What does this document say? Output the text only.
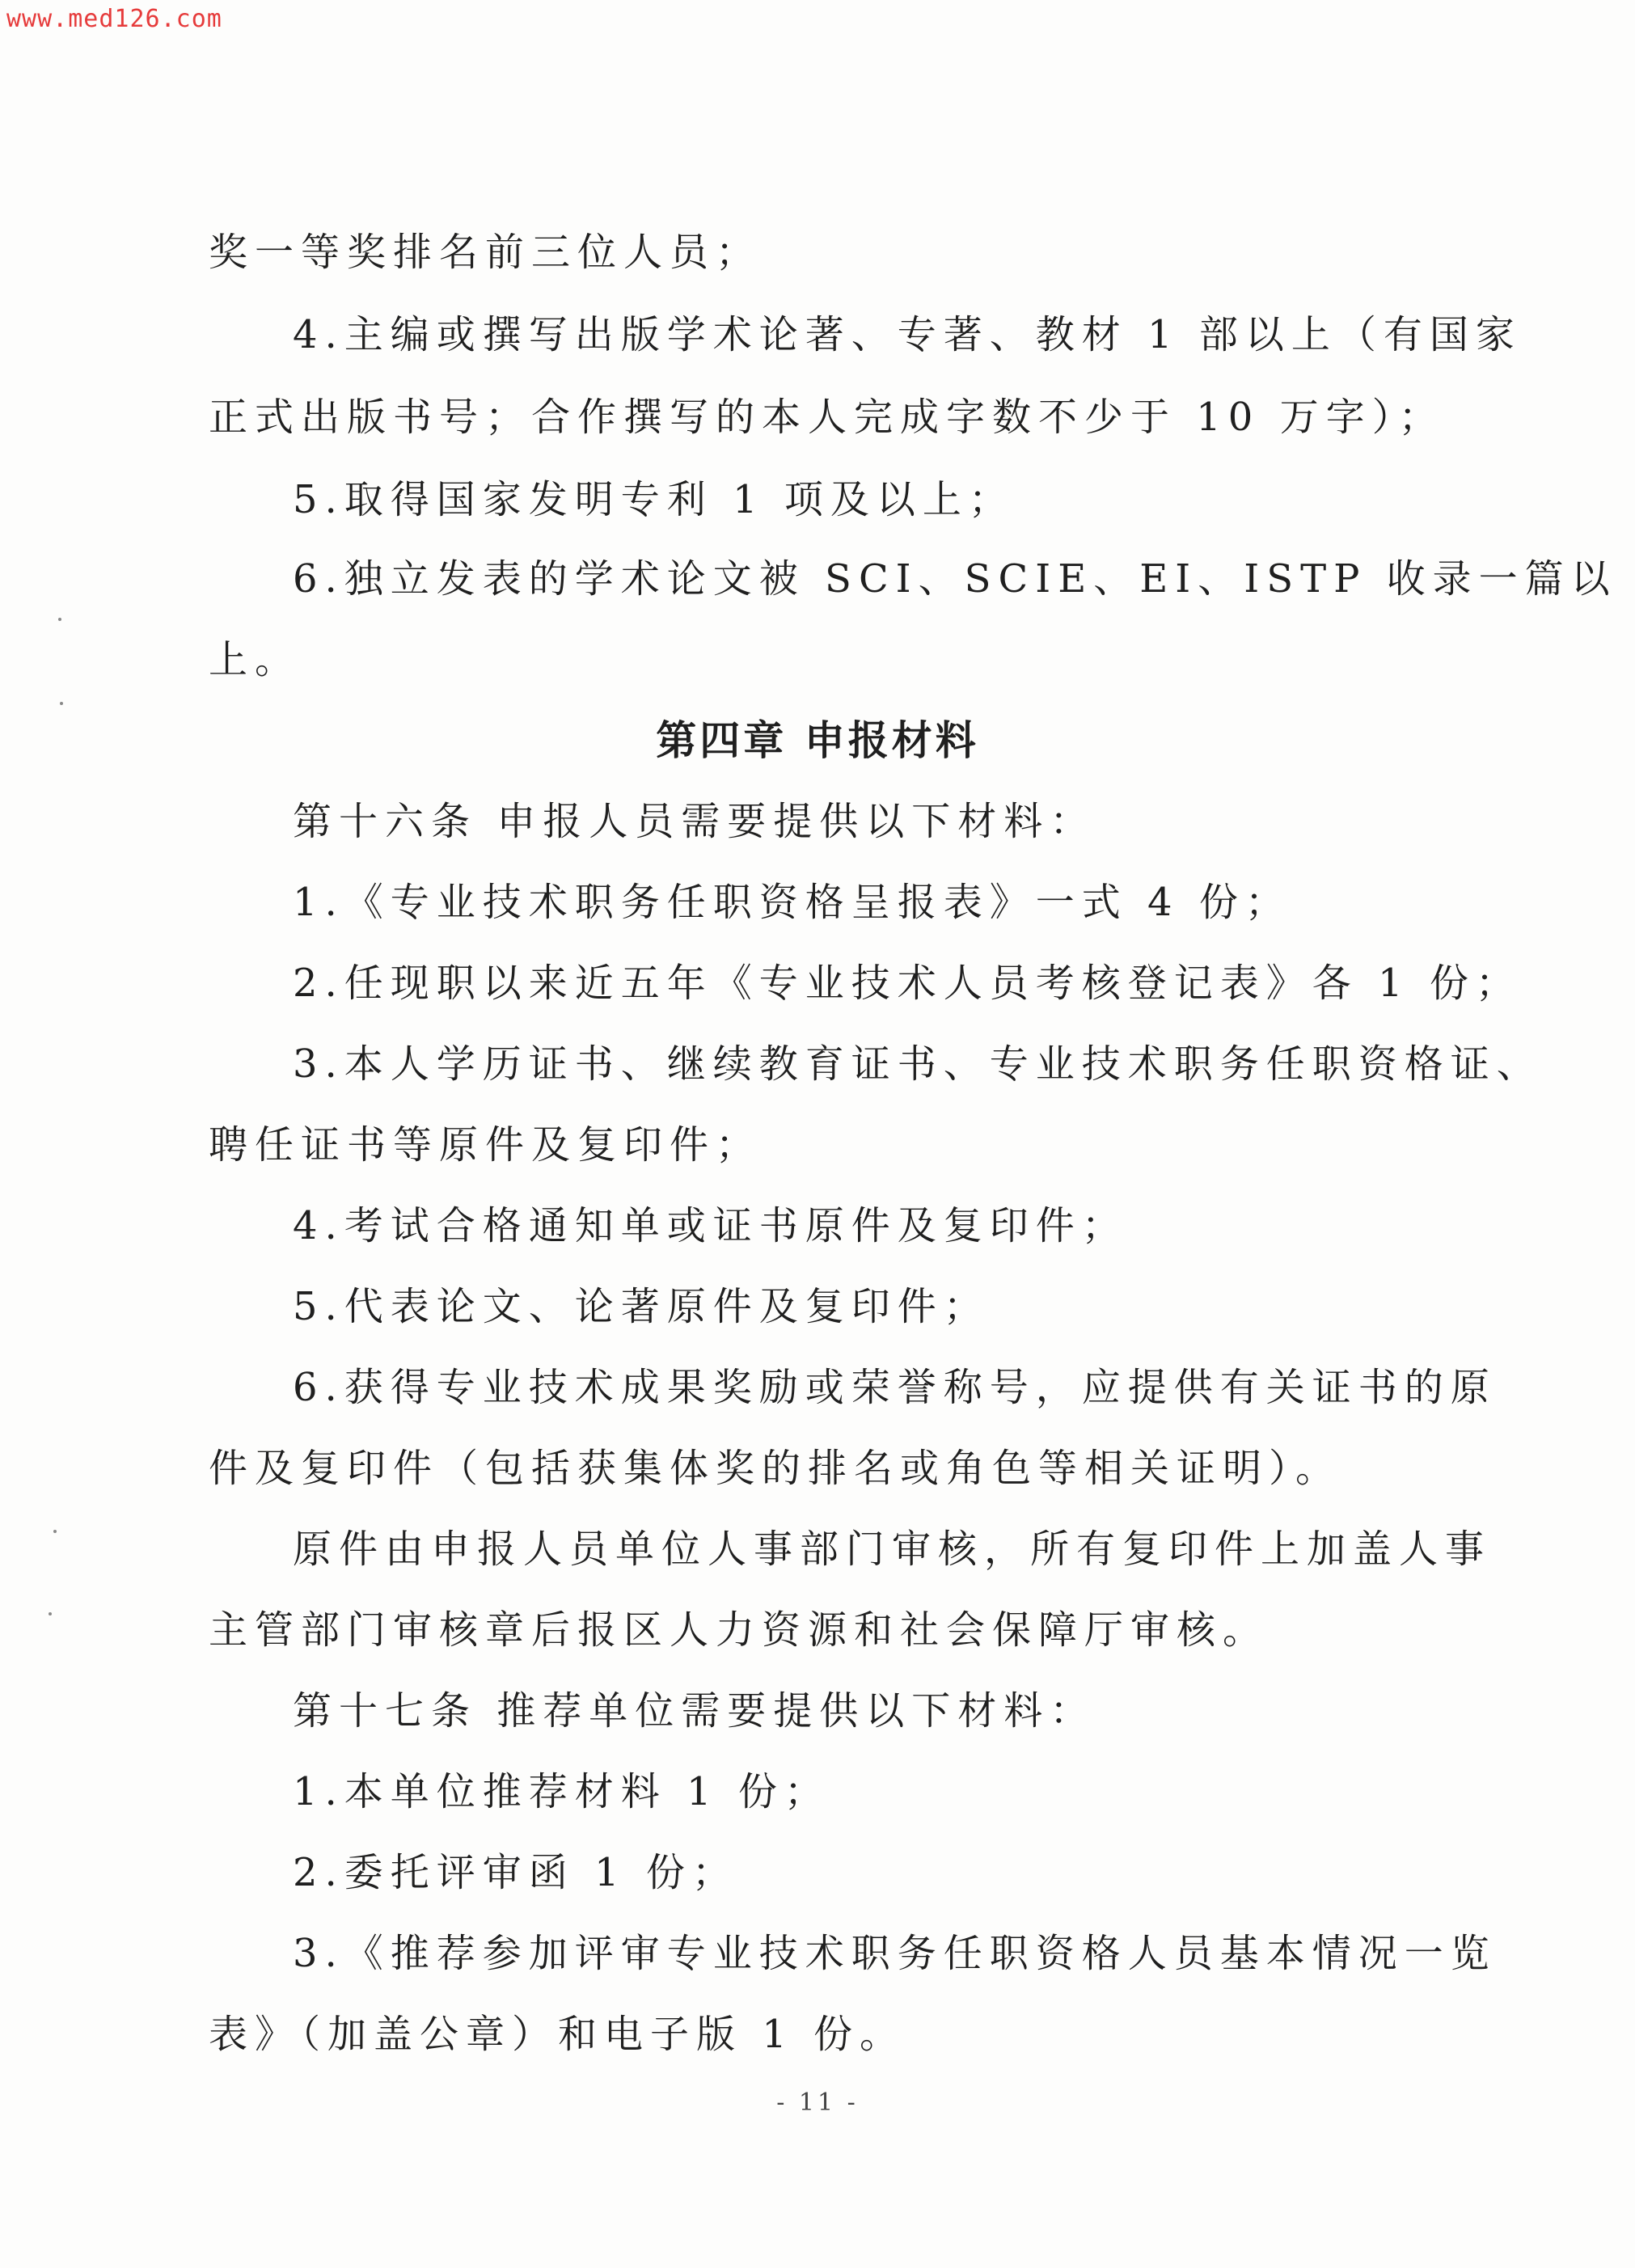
www.med126.com
奖一等奖排名前三位人员；
4.主编或撰写出版学术论著、专著、教材 1 部以上（有国家
正式出版书号；合作撰写的本人完成字数不少于 10 万字）；
5.取得国家发明专利 1 项及以上；
6.独立发表的学术论文被 SCI、SCIE、EI、ISTP 收录一篇以
上。
第四章 申报材料
第十六条 申报人员需要提供以下材料：
1.《专业技术职务任职资格呈报表》一式 4 份；
2.任现职以来近五年《专业技术人员考核登记表》各 1 份；
3.本人学历证书、继续教育证书、专业技术职务任职资格证、
聘任证书等原件及复印件；
4.考试合格通知单或证书原件及复印件；
5.代表论文、论著原件及复印件；
6.获得专业技术成果奖励或荣誉称号，应提供有关证书的原
件及复印件（包括获集体奖的排名或角色等相关证明）。
原件由申报人员单位人事部门审核，所有复印件上加盖人事
主管部门审核章后报区人力资源和社会保障厅审核。
第十七条 推荐单位需要提供以下材料：
1.本单位推荐材料 1 份；
2.委托评审函 1 份；
3.《推荐参加评审专业技术职务任职资格人员基本情况一览
表》（加盖公章）和电子版 1 份。
- 11 -
